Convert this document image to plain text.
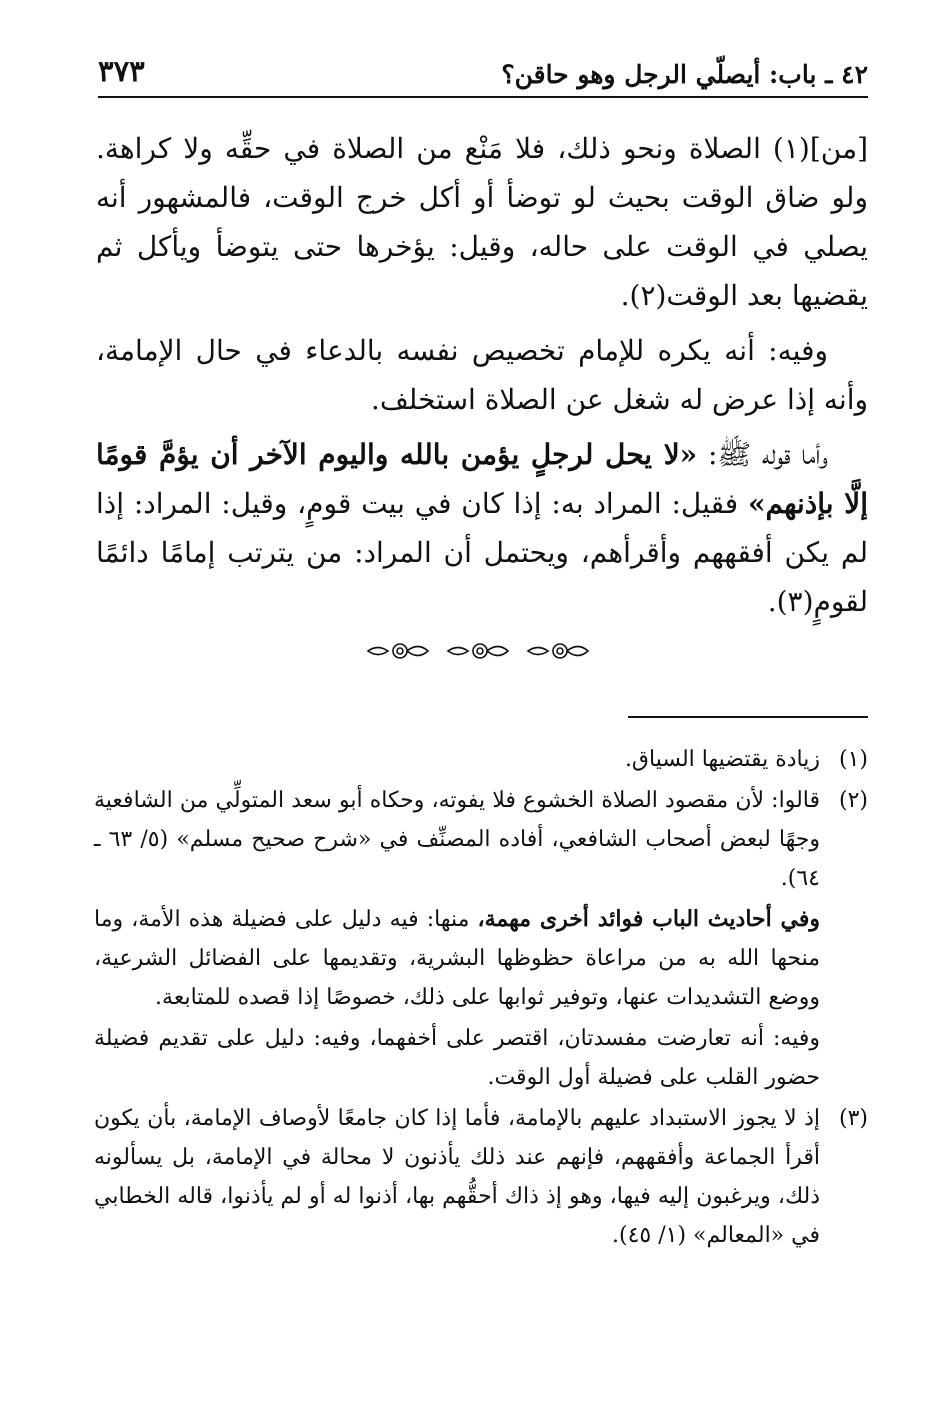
٤٢ ـ باب: أيصلّي الرجل وهو حاقن؟
٣٧٣

[من](١) الصلاة ونحو ذلك، فلا مَنْع من الصلاة في حقِّه ولا كراهة. ولو ضاق الوقت بحيث لو توضأ أو أكل خرج الوقت، فالمشهور أنه يصلي في الوقت على حاله، وقيل: يؤخرها حتى يتوضأ ويأكل ثم يقضيها بعد الوقت(٢).

وفيه: أنه يكره للإمام تخصيص نفسه بالدعاء في حال الإمامة، وأنه إذا عرض له شغل عن الصلاة استخلف.

وأما قوله ﷺ: «لا يحل لرجلٍ يؤمن بالله واليوم الآخر أن يؤمَّ قومًا إلَّا بإذنهم» فقيل: المراد به: إذا كان في بيت قومٍ، وقيل: المراد: إذا لم يكن أفقههم وأقرأهم، ويحتمل أن المراد: من يترتب إمامًا دائمًا لقومٍ(٣).

(١)

زيادة يقتضيها السياق.

(٢)

قالوا: لأن مقصود الصلاة الخشوع فلا يفوته، وحكاه أبو سعد المتولِّي من الشافعية وجهًا لبعض أصحاب الشافعي، أفاده المصنِّف في «شرح صحيح مسلم» (٥/ ٦٣ ـ ٦٤).

وفي أحاديث الباب فوائد أخرى مهمة، منها: فيه دليل على فضيلة هذه الأمة، وما منحها الله به من مراعاة حظوظها البشرية، وتقديمها على الفضائل الشرعية، ووضع التشديدات عنها، وتوفير ثوابها على ذلك، خصوصًا إذا قصده للمتابعة.

وفيه: أنه تعارضت مفسدتان، اقتصر على أخفهما، وفيه: دليل على تقديم فضيلة حضور القلب على فضيلة أول الوقت.

(٣)

إذ لا يجوز الاستبداد عليهم بالإمامة، فأما إذا كان جامعًا لأوصاف الإمامة، بأن يكون أقرأ الجماعة وأفقههم، فإنهم عند ذلك يأذنون لا محالة في الإمامة، بل يسألونه ذلك، ويرغبون إليه فيها، وهو إذ ذاك أحقُّهم بها، أذنوا له أو لم يأذنوا، قاله الخطابي في «المعالم» (١/ ٤٥).
